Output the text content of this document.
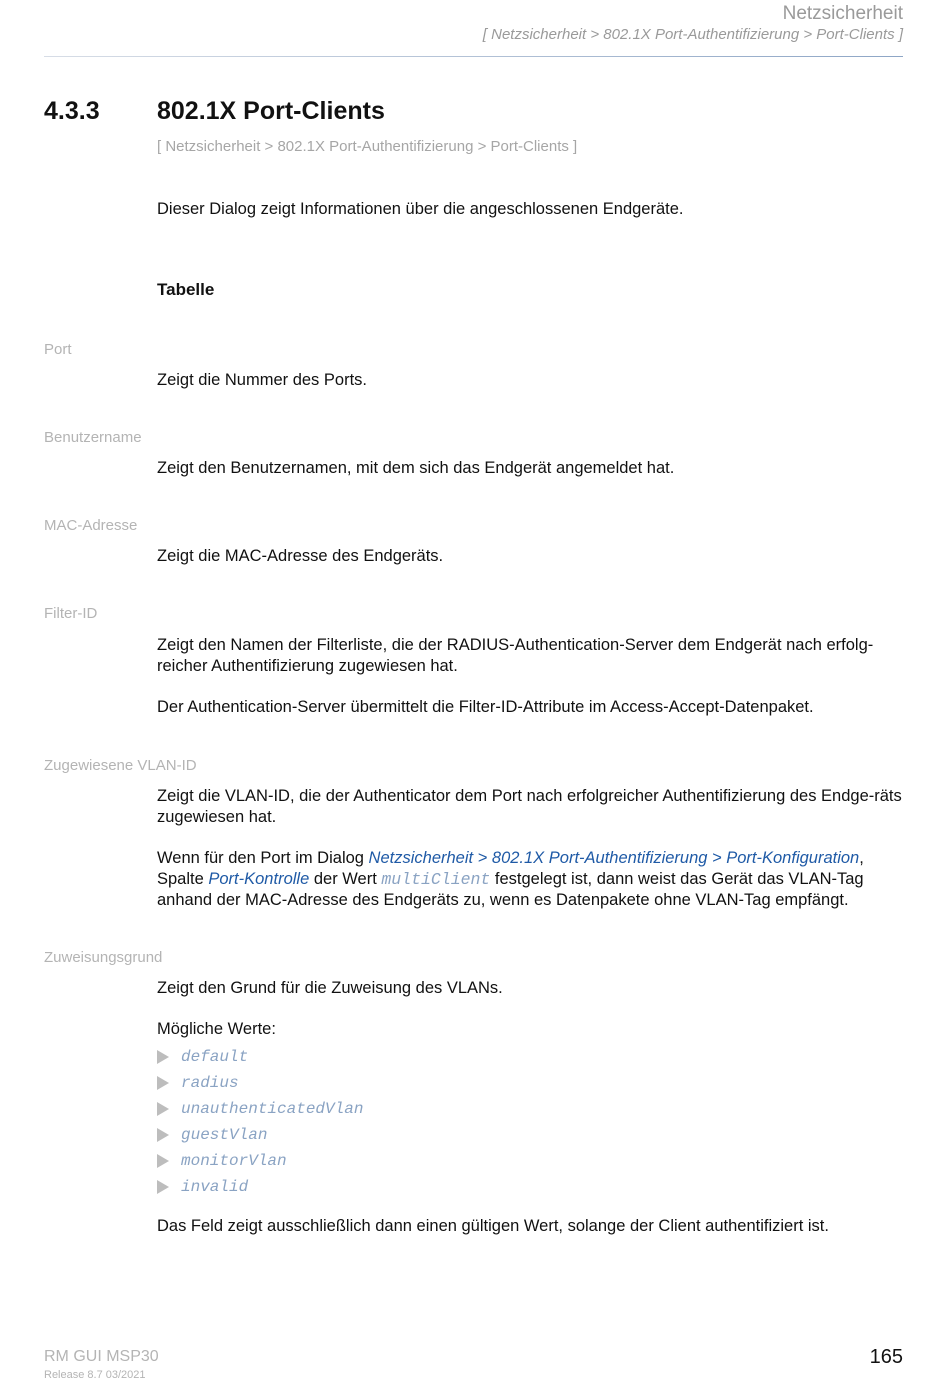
Netzsicherheit
[ Netzsicherheit > 802.1X Port-Authentifizierung > Port-Clients ]
4.3.3 802.1X Port-Clients
[ Netzsicherheit > 802.1X Port-Authentifizierung > Port-Clients ]
Dieser Dialog zeigt Informationen über die angeschlossenen Endgeräte.
Tabelle
Port
Zeigt die Nummer des Ports.
Benutzername
Zeigt den Benutzernamen, mit dem sich das Endgerät angemeldet hat.
MAC-Adresse
Zeigt die MAC-Adresse des Endgeräts.
Filter-ID
Zeigt den Namen der Filterliste, die der RADIUS-Authentication-Server dem Endgerät nach erfolg-reicher Authentifizierung zugewiesen hat.
Der Authentication-Server übermittelt die Filter-ID-Attribute im Access-Accept-Datenpaket.
Zugewiesene VLAN-ID
Zeigt die VLAN-ID, die der Authenticator dem Port nach erfolgreicher Authentifizierung des Endge-räts zugewiesen hat.
Wenn für den Port im Dialog Netzsicherheit > 802.1X Port-Authentifizierung > Port-Konfiguration, Spalte Port-Kontrolle der Wert multiClient festgelegt ist, dann weist das Gerät das VLAN-Tag anhand der MAC-Adresse des Endgeräts zu, wenn es Datenpakete ohne VLAN-Tag empfängt.
Zuweisungsgrund
Zeigt den Grund für die Zuweisung des VLANs.
Mögliche Werte:
default
radius
unauthenticatedVlan
guestVlan
monitorVlan
invalid
Das Feld zeigt ausschließlich dann einen gültigen Wert, solange der Client authentifiziert ist.
RM GUI MSP30
Release 8.7 03/2021
165
